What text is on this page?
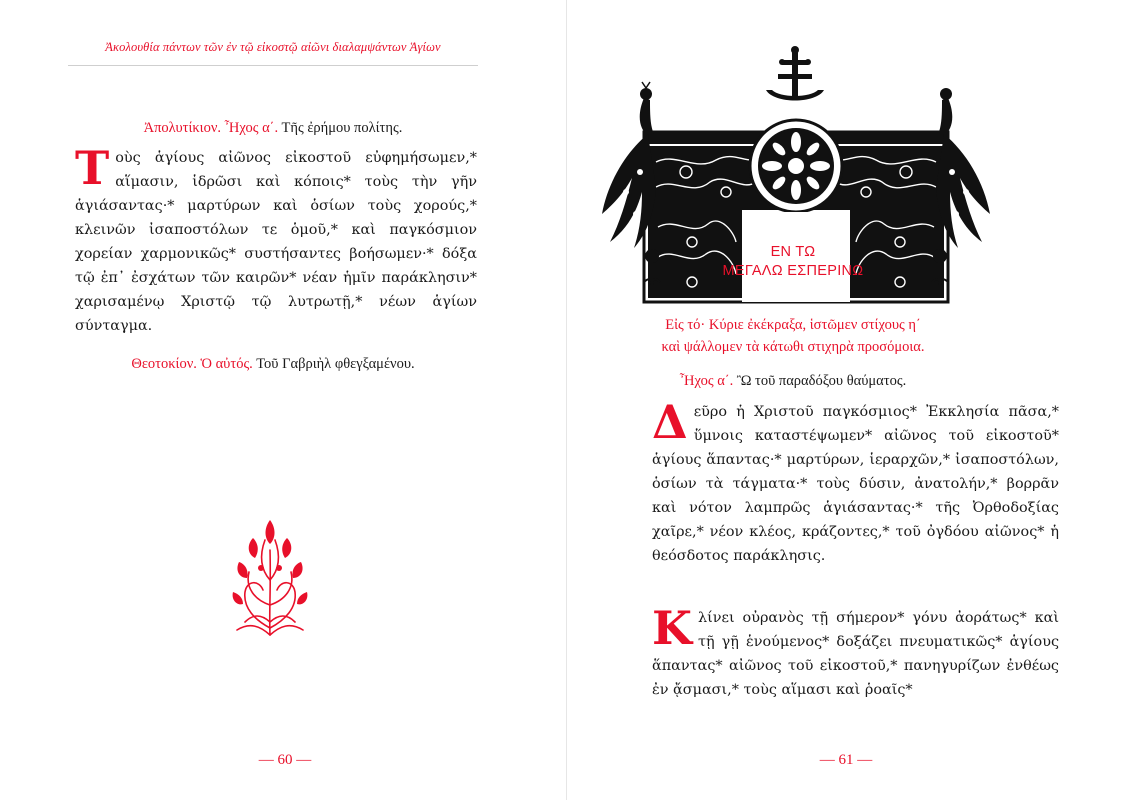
Ἀκολουθία πάντων τῶν ἐν τῷ εἰκοστῷ αἰῶνι διαλαμψάντων Ἁγίων
Ἀπολυτίκιον. Ἦχος α΄. Τῆς ἐρήμου πολίτης.
Τοὺς ἁγίους αἰῶνος εἰκοστοῦ εὐφημήσωμεν,* αἵμασιν, ἱδρῶσι καὶ κόποις* τοὺς τὴν γῆν ἁγιάσαντας·* μαρτύρων καὶ ὁσίων τοὺς χορούς,* κλεινῶν ἰσαποστόλων τε ὁμοῦ,* καὶ παγκόσμιον χορείαν χαρμονικῶς* συστήσαντες βοήσωμεν·* δόξα τῷ ἐπ᾿ ἐσχάτων τῶν καιρῶν* νέαν ἡμῖν παράκλησιν* χαρισαμένῳ Χριστῷ τῷ λυτρωτῇ,* νέων ἁγίων σύνταγμα.
Θεοτοκίον. Ὁ αὐτός. Τοῦ Γαβριὴλ φθεγξαμένου.
— 60 —
ΕΝ ΤΩ
ΜΕΓΑΛΩ ΕΣΠΕΡΙΝΩ
Εἰς τό· Κύριε ἐκέκραξα, ἱστῶμεν στίχους η΄
καὶ ψάλλομεν τὰ κάτωθι στιχηρὰ προσόμοια.
Ἦχος α΄. Ὢ τοῦ παραδόξου θαύματος.
Δεῦρο ἡ Χριστοῦ παγκόσμιος* Ἐκκλησία πᾶσα,* ὕμνοις καταστέψωμεν* αἰῶνος τοῦ εἰκοστοῦ* ἁγίους ἅπαντας·* μαρτύρων, ἱεραρχῶν,* ἰσαποστόλων, ὁσίων τὰ τάγματα·* τοὺς δύσιν, ἀνατολήν,* βορρᾶν καὶ νότον λαμπρῶς ἁγιάσαντας·* τῆς Ὀρθοδοξίας χαῖρε,* νέον κλέος, κράζοντες,* τοῦ ὀγδόου αἰῶνος* ἡ θεόσδοτος παράκλησις.
Κλίνει οὐρανὸς τῇ σήμερον* γόνυ ἀοράτως* καὶ τῇ γῇ ἑνούμενος* δοξάζει πνευματικῶς* ἁγίους ἅπαντας* αἰῶνος τοῦ εἰκοστοῦ,* πανηγυρίζων ἐνθέως ἐν ᾄσμασι,* τοὺς αἵμασι καὶ ῥοαῖς*
— 61 —
